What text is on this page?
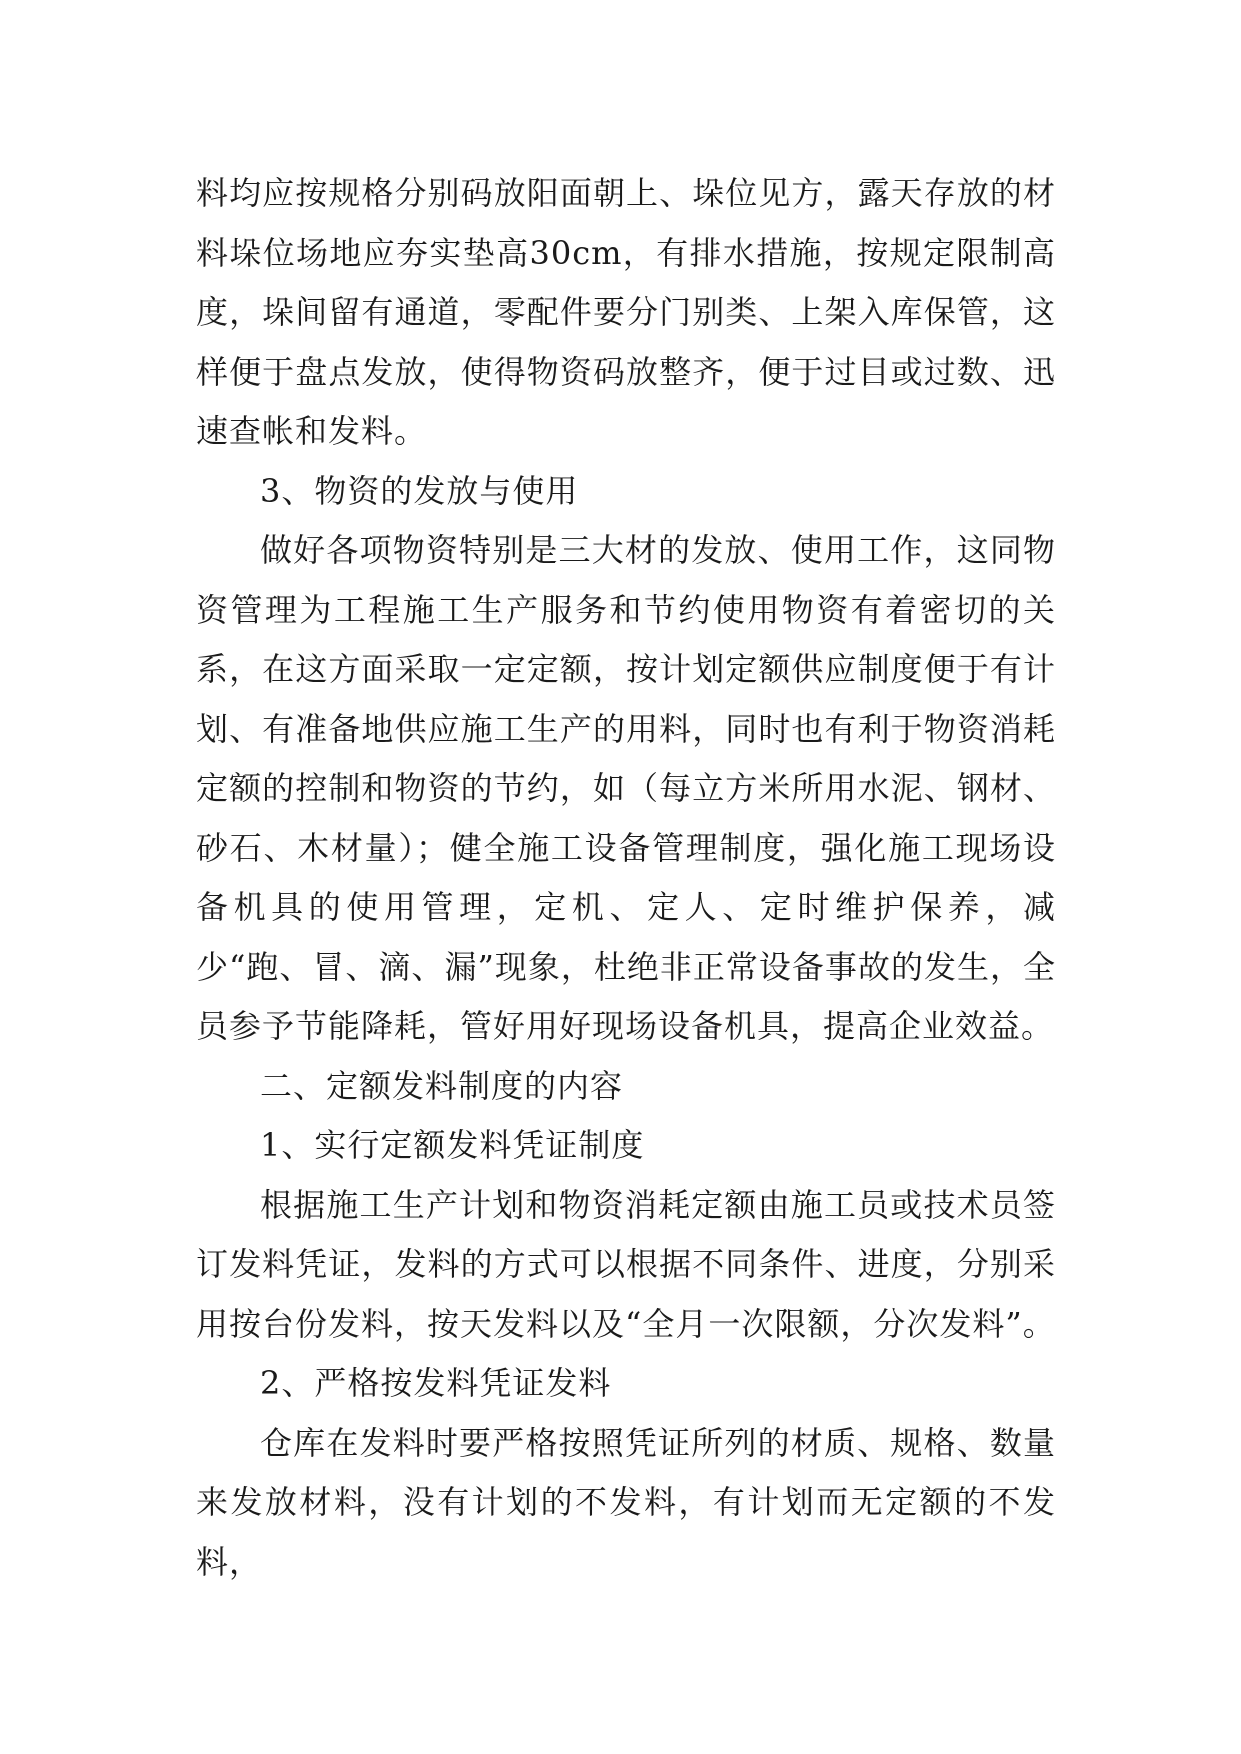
料均应按规格分别码放阳面朝上、垛位见方，露天存放的材料垛位场地应夯实垫高30cm，有排水措施，按规定限制高度，垛间留有通道，零配件要分门别类、上架入库保管，这样便于盘点发放，使得物资码放整齐，便于过目或过数、迅速查帐和发料。

3、物资的发放与使用

做好各项物资特别是三大材的发放、使用工作，这同物资管理为工程施工生产服务和节约使用物资有着密切的关系，在这方面采取一定定额，按计划定额供应制度便于有计划、有准备地供应施工生产的用料，同时也有利于物资消耗定额的控制和物资的节约，如（每立方米所用水泥、钢材、砂石、木材量）；健全施工设备管理制度，强化施工现场设备机具的使用管理，定机、定人、定时维护保养，减少“跑、冒、滴、漏”现象，杜绝非正常设备事故的发生，全员参予节能降耗，管好用好现场设备机具，提高企业效益。

二、定额发料制度的内容

1、实行定额发料凭证制度

根据施工生产计划和物资消耗定额由施工员或技术员签订发料凭证，发料的方式可以根据不同条件、进度，分别采用按台份发料，按天发料以及“全月一次限额，分次发料”。

2、严格按发料凭证发料

仓库在发料时要严格按照凭证所列的材质、规格、数量来发放材料，没有计划的不发料，有计划而无定额的不发料，
